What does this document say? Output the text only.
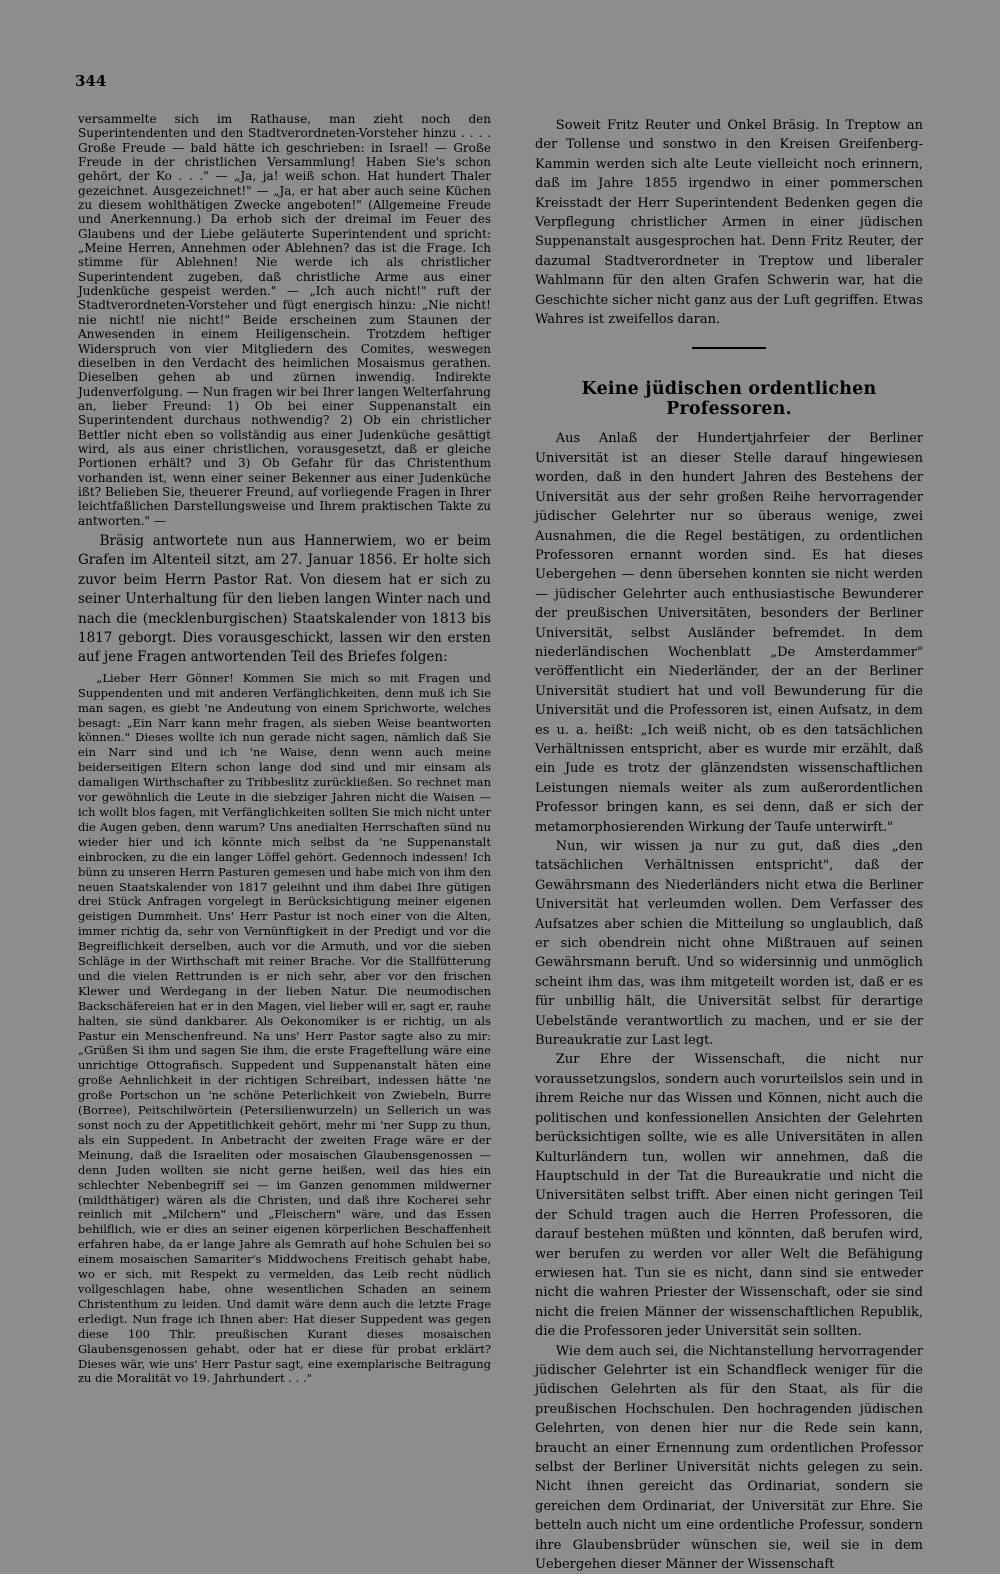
344

versammelte sich im Rathause, man zieht noch den Superintendenten und den Stadtverordneten-Vorsteher hinzu . . . . Große Freude — bald hätte ich geschrieben: in Israel! — Große Freude in der christlichen Versammlung! Haben Sie's schon gehört, der Ko . . ." — „Ja, ja! weiß schon. Hat hundert Thaler gezeichnet. Ausgezeichnet!" — „Ja, er hat aber auch seine Küchen zu diesem wohlthätigen Zwecke angeboten!" (Allgemeine Freude und Anerkennung.) Da erhob sich der dreimal im Feuer des Glaubens und der Liebe geläuterte Superintendent und spricht: „Meine Herren, Annehmen oder Ablehnen? das ist die Frage. Ich stimme für Ablehnen! Nie werde ich als christlicher Superintendent zugeben, daß christliche Arme aus einer Judenküche gespeist werden." — „Ich auch nicht!" ruft der Stadtverordneten-Vorsteher und fügt energisch hinzu: „Nie nicht! nie nicht! nie nicht!" Beide erscheinen zum Staunen der Anwesenden in einem Heiligenschein. Trotzdem heftiger Widerspruch von vier Mitgliedern des Comites, weswegen dieselben in den Verdacht des heimlichen Mosaismus gerathen. Dieselben gehen ab und zürnen inwendig. Indirekte Judenverfolgung. — Nun fragen wir bei Ihrer langen Welterfahrung an, lieber Freund: 1) Ob bei einer Suppenanstalt ein Superintendent durchaus nothwendig? 2) Ob ein christlicher Bettler nicht eben so vollständig aus einer Judenküche gesättigt wird, als aus einer christlichen, vorausgesetzt, daß er gleiche Portionen erhält? und 3) Ob Gefahr für das Christenthum vorhanden ist, wenn einer seiner Bekenner aus einer Judenküche ißt? Belieben Sie, theuerer Freund, auf vorliegende Fragen in Ihrer leichtfaßlichen Darstellungsweise und Ihrem praktischen Takte zu antworten." —

Bräsig antwortete nun aus Hannerwiem, wo er beim Grafen im Altenteil sitzt, am 27. Januar 1856. Er holte sich zuvor beim Herrn Pastor Rat. Von diesem hat er sich zu seiner Unterhaltung für den lieben langen Winter nach und nach die (mecklenburgischen) Staatskalender von 1813 bis 1817 geborgt. Dies vorausgeschickt, lassen wir den ersten auf jene Fragen antwortenden Teil des Briefes folgen:

„Lieber Herr Gönner! Kommen Sie mich so mit Fragen und Suppendenten und mit anderen Verfänglichkeiten, denn muß ich Sie man sagen, es giebt 'ne Andeutung von einem Sprichworte, welches besagt: „Ein Narr kann mehr fragen, als sieben Weise beantworten können." Dieses wollte ich nun gerade nicht sagen, nämlich daß Sie ein Narr sind und ich 'ne Waise, denn wenn auch meine beiderseitigen Eltern schon lange dod sind und mir einsam als damaligen Wirthschafter zu Tribbeslitz zurückließen. So rechnet man vor gewöhnlich die Leute in die siebziger Jahren nicht die Waisen — ich wollt blos fagen, mit Verfänglichkeiten sollten Sie mich nicht unter die Augen geben, denn warum? Uns anedialten Herrschaften sünd nu wieder hier und ich könnte mich selbst da 'ne Suppenanstalt einbrocken, zu die ein langer Löffel gehört. Gedennoch indessen! Ich bünn zu unseren Herrn Pasturen gemesen und habe mich von ihm den neuen Staatskalender von 1817 geleihnt und ihm dabei Ihre gütigen drei Stück Anfragen vorgelegt in Berücksichtigung meiner eigenen geistigen Dummheit. Uns' Herr Pastur ist noch einer von die Alten, immer richtig da, sehr von Vernünftigkeit in der Predigt und vor die Begreiflichkeit derselben, auch vor die Armuth, und vor die sieben Schläge in der Wirthschaft mit reiner Brache. Vor die Stallfütterung und die vielen Rettrunden is er nich sehr, aber vor den frischen Klewer und Werdegang in der lieben Natur. Die neumodischen Backschäfereien hat er in den Magen, viel lieber will er, sagt er, rauhe halten, sie sünd dankbarer. Als Oekonomiker is er richtig, un als Pastur ein Menschenfreund. Na uns' Herr Pastor sagte also zu mir: „Grüßen Si ihm und sagen Sie ihm, die erste Frageftellung wäre eine unrichtige Ottografisch. Suppedent und Suppenanstalt häten eine große Aehnlichkeit in der richtigen Schreibart, indessen hätte 'ne große Portschon un 'ne schöne Peterlichkeit von Zwiebeln, Burre (Borree), Peitschilwörtein (Petersilienwurzeln) un Sellerich un was sonst noch zu der Appetitlichkeit gehört, mehr mi 'ner Supp zu thun, als ein Suppedent. In Anbetracht der zweiten Frage wäre er der Meinung, daß die Israeliten oder mosaischen Glaubensgenossen — denn Juden wollten sie nicht gerne heißen, weil das hies ein schlechter Nebenbegriff sei — im Ganzen genommen mildwerner (mildthätiger) wären als die Christen, und daß ihre Kocherei sehr reinlich mit „Milchern" und „Fleischern" wäre, und das Essen behilflich, wie er dies an seiner eigenen körperlichen Beschaffenheit erfahren habe, da er lange Jahre als Gemrath auf hohe Schulen bei so einem mosaischen Samariter's Middwochens Freitisch gehabt habe, wo er sich, mit Respekt zu vermelden, das Leib recht nüdlich vollgeschlagen habe, ohne wesentlichen Schaden an seinem Christenthum zu leiden. Und damit wäre denn auch die letzte Frage erledigt. Nun frage ich Ihnen aber: Hat dieser Suppedent was gegen diese 100 Thlr. preußischen Kurant dieses mosaischen Glaubensgenossen gehabt, oder hat er diese für probat erklärt? Dieses wär, wie uns' Herr Pastur sagt, eine exemplarische Beitragung zu die Moralität vo 19. Jahrhundert . . ."

Soweit Fritz Reuter und Onkel Bräsig. In Treptow an der Tollense und sonstwo in den Kreisen Greifenberg-Kammin werden sich alte Leute vielleicht noch erinnern, daß im Jahre 1855 irgendwo in einer pommerschen Kreisstadt der Herr Superintendent Bedenken gegen die Verpflegung christlicher Armen in einer jüdischen Suppenanstalt ausgesprochen hat. Denn Fritz Reuter, der dazumal Stadtverordneter in Treptow und liberaler Wahlmann für den alten Grafen Schwerin war, hat die Geschichte sicher nicht ganz aus der Luft gegriffen. Etwas Wahres ist zweifellos daran.

Keine jüdischen ordentlichen Professoren.

Aus Anlaß der Hundertjahrfeier der Berliner Universität ist an dieser Stelle darauf hingewiesen worden, daß in den hundert Jahren des Bestehens der Universität aus der sehr großen Reihe hervorragender jüdischer Gelehrter nur so überaus wenige, zwei Ausnahmen, die die Regel bestätigen, zu ordentlichen Professoren ernannt worden sind. Es hat dieses Uebergehen — denn übersehen konnten sie nicht werden — jüdischer Gelehrter auch enthusiastische Bewunderer der preußischen Universitäten, besonders der Berliner Universität, selbst Ausländer befremdet. In dem niederländischen Wochenblatt „De Amsterdammer" veröffentlicht ein Niederländer, der an der Berliner Universität studiert hat und voll Bewunderung für die Universität und die Professoren ist, einen Aufsatz, in dem es u. a. heißt: „Ich weiß nicht, ob es den tatsächlichen Verhältnissen entspricht, aber es wurde mir erzählt, daß ein Jude es trotz der glänzendsten wissenschaftlichen Leistungen niemals weiter als zum außerordentlichen Professor bringen kann, es sei denn, daß er sich der metamorphosierenden Wirkung der Taufe unterwirft."

Nun, wir wissen ja nur zu gut, daß dies „den tatsächlichen Verhältnissen entspricht", daß der Gewährsmann des Niederländers nicht etwa die Berliner Universität hat verleumden wollen. Dem Verfasser des Aufsatzes aber schien die Mitteilung so unglaublich, daß er sich obendrein nicht ohne Mißtrauen auf seinen Gewährsmann beruft. Und so widersinnig und unmöglich scheint ihm das, was ihm mitgeteilt worden ist, daß er es für unbillig hält, die Universität selbst für derartige Uebelstände verantwortlich zu machen, und er sie der Bureaukratie zur Last legt.

Zur Ehre der Wissenschaft, die nicht nur voraussetzungslos, sondern auch vorurteilslos sein und in ihrem Reiche nur das Wissen und Können, nicht auch die politischen und konfessionellen Ansichten der Gelehrten berücksichtigen sollte, wie es alle Universitäten in allen Kulturländern tun, wollen wir annehmen, daß die Hauptschuld in der Tat die Bureaukratie und nicht die Universitäten selbst trifft. Aber einen nicht geringen Teil der Schuld tragen auch die Herren Professoren, die darauf bestehen müßten und könnten, daß berufen wird, wer berufen zu werden vor aller Welt die Befähigung erwiesen hat. Tun sie es nicht, dann sind sie entweder nicht die wahren Priester der Wissenschaft, oder sie sind nicht die freien Männer der wissenschaftlichen Republik, die die Professoren jeder Universität sein sollten.

Wie dem auch sei, die Nichtanstellung hervorragender jüdischer Gelehrter ist ein Schandfleck weniger für die jüdischen Gelehrten als für den Staat, als für die preußischen Hochschulen. Den hochragenden jüdischen Gelehrten, von denen hier nur die Rede sein kann, braucht an einer Ernennung zum ordentlichen Professor selbst der Berliner Universität nichts gelegen zu sein. Nicht ihnen gereicht das Ordinariat, sondern sie gereichen dem Ordinariat, der Universität zur Ehre. Sie betteln auch nicht um eine ordentliche Professur, sondern ihre Glaubensbrüder wünschen sie, weil sie in dem Uebergehen dieser Männer der Wissenschaft
